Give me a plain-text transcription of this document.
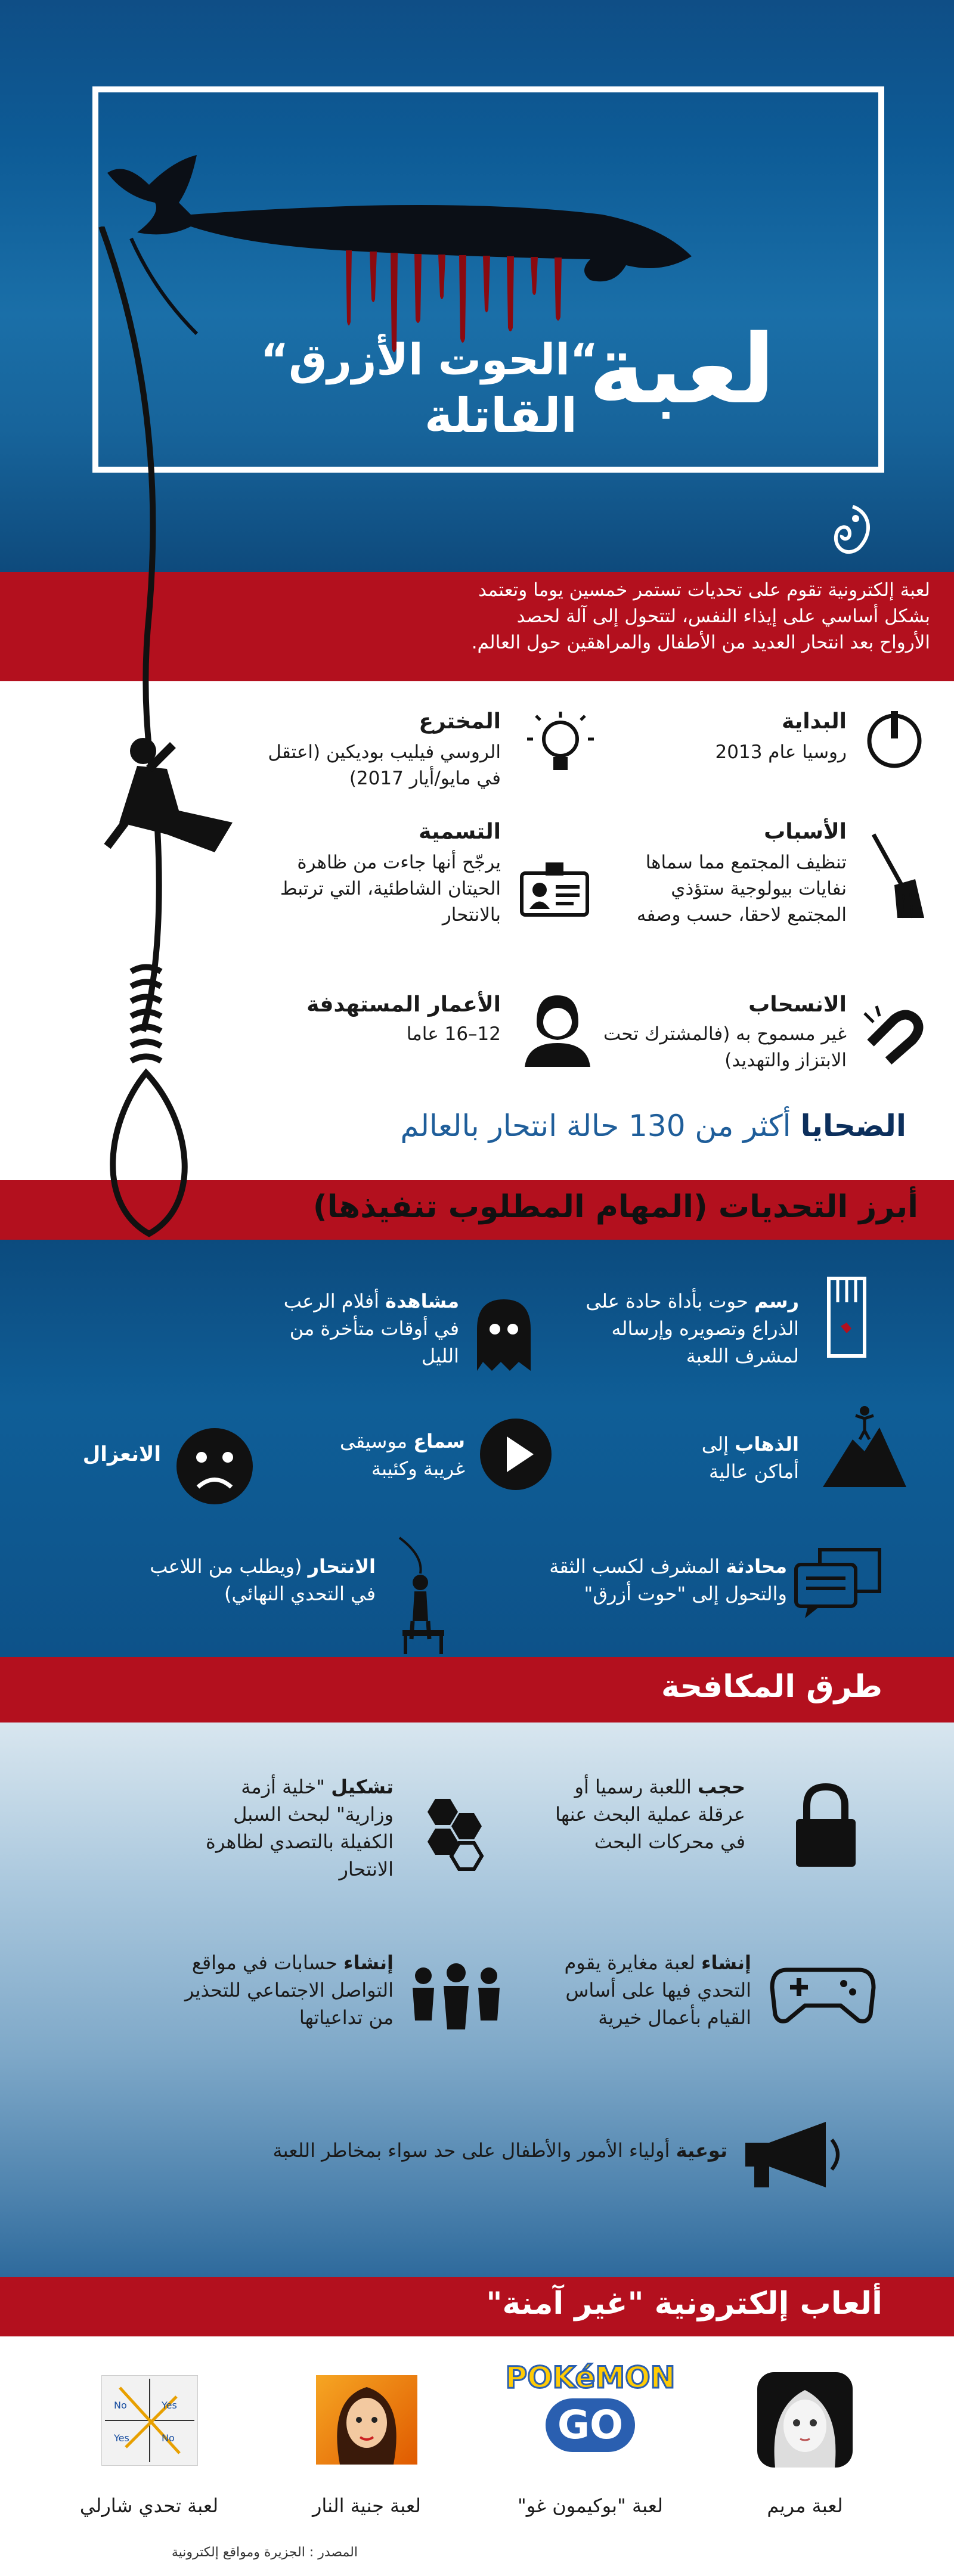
لعبة
“الحوت الأزرق“
القاتلة
لعبة إلكترونية تقوم على تحديات تستمر خمسين يوما وتعتمد بشكل أساسي على إيذاء النفس، لتتحول إلى آلة لحصد الأرواح بعد انتحار العديد من الأطفال والمراهقين حول العالم.
البداية
روسيا عام 2013
المخترع
الروسي فيليب بوديكين (اعتقل في مايو/أيار 2017)
الأسباب
تنظيف المجتمع مما سماها نفايات بيولوجية ستؤذي المجتمع لاحقا، حسب وصفه
التسمية
يرجّح أنها جاءت من ظاهرة الحيتان الشاطئية، التي ترتبط بالانتحار
الانسحاب
غير مسموح به (فالمشترك تحت الابتزاز والتهديد)
الأعمار المستهدفة
12–16 عاما
الضحايا أكثر من 130 حالة انتحار بالعالم
أبرز التحديات (المهام المطلوب تنفيذها)
رسم حوت بأداة حادة على الذراع وتصويره وإرساله لمشرف اللعبة
مشاهدة أفلام الرعب في أوقات متأخرة من الليل
الذهاب إلى
أماكن عالية
سماع موسيقى
غريبة وكئيبة
الانعزال
محادثة المشرف لكسب الثقة
والتحول إلى "حوت أزرق"
الانتحار (ويطلب من اللاعب
في التحدي النهائي)
طرق المكافحة
حجب اللعبة رسميا أو عرقلة عملية البحث عنها في محركات البحث
تشكيل "خلية أزمة وزارية" لبحث السبل الكفيلة بالتصدي لظاهرة الانتحار
إنشاء لعبة مغايرة يقوم التحدي فيها على أساس القيام بأعمال خيرية
إنشاء حسابات في مواقع التواصل الاجتماعي للتحذير من تداعياتها
توعية أولياء الأمور والأطفال على حد سواء بمخاطر اللعبة
ألعاب إلكترونية "غير آمنة"
لعبة مريم
POKéMON
GO
لعبة "بوكيمون غو"
لعبة جنية النار
No	Yes
Yes	No
لعبة تحدي شارلي
المصدر : الجزيرة ومواقع إلكترونية
